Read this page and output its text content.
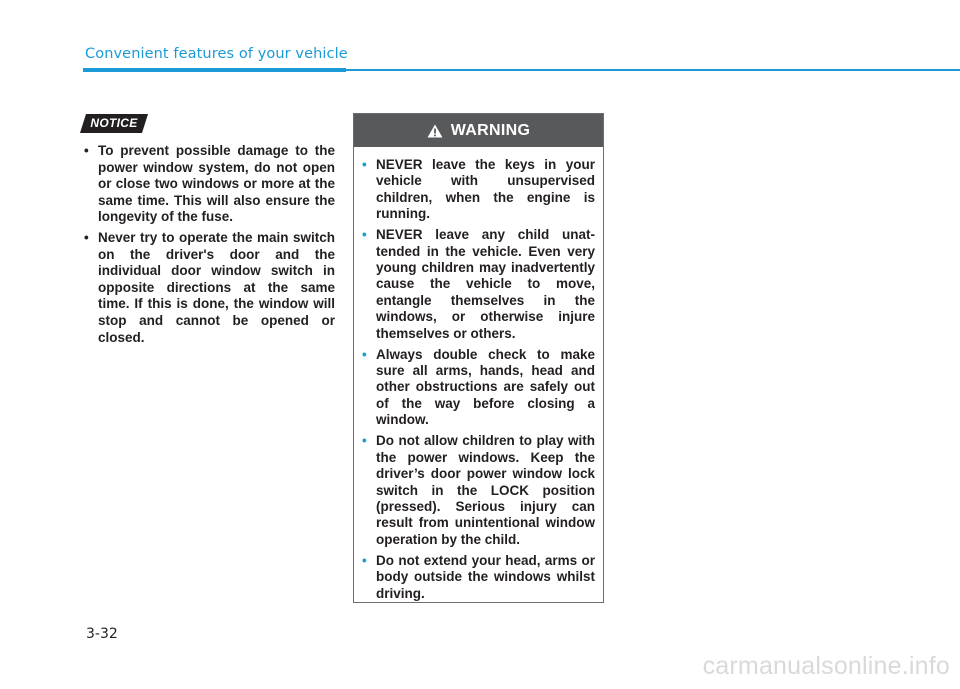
Convenient features of your vehicle
NOTICE
• To prevent possible damage to the power window system, do not open or close two windows or more at the same time. This will also ensure the longevity of the fuse.
• Never try to operate the main switch on the driver's door and the individual door window switch in opposite directions at the same time. If this is done, the window will stop and cannot be opened or closed.
WARNING
• NEVER leave the keys in your vehicle with unsupervised children, when the engine is running.
• NEVER leave any child unattended in the vehicle. Even very young children may inadvertently cause the vehicle to move, entangle themselves in the windows, or otherwise injure themselves or others.
• Always double check to make sure all arms, hands, head and other obstructions are safely out of the way before closing a window.
• Do not allow children to play with the power windows. Keep the driver’s door power window lock switch in the LOCK position (pressed). Serious injury can result from unintentional window operation by the child.
• Do not extend your head, arms or body outside the windows whilst driving.
3-32
carmanualsonline.info
